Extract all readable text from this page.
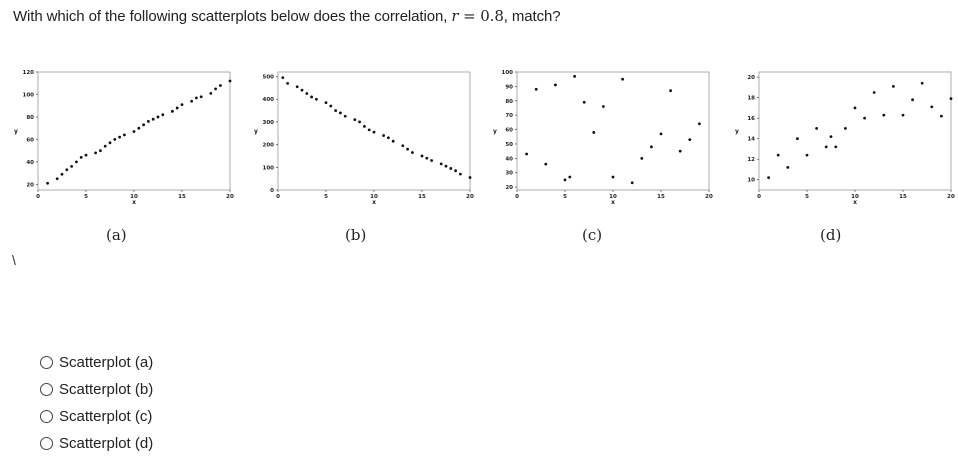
With which of the following scatterplots below does the correlation, r = 0.8, match?
0	5	10	15	20
20
40
60
80
100
120
x
y
0	5	10	15	20
0
100
200
300
400
500
x
y
0	5	10	15	20
20
30
40
50
60
70
80
90
100
x
y
0	5	10	15	20
10
12
14
16
18
20
x
y
(a)	(b)	(c)	(d)
\
Scatterplot (a)
Scatterplot (b)
Scatterplot (c)
Scatterplot (d)
